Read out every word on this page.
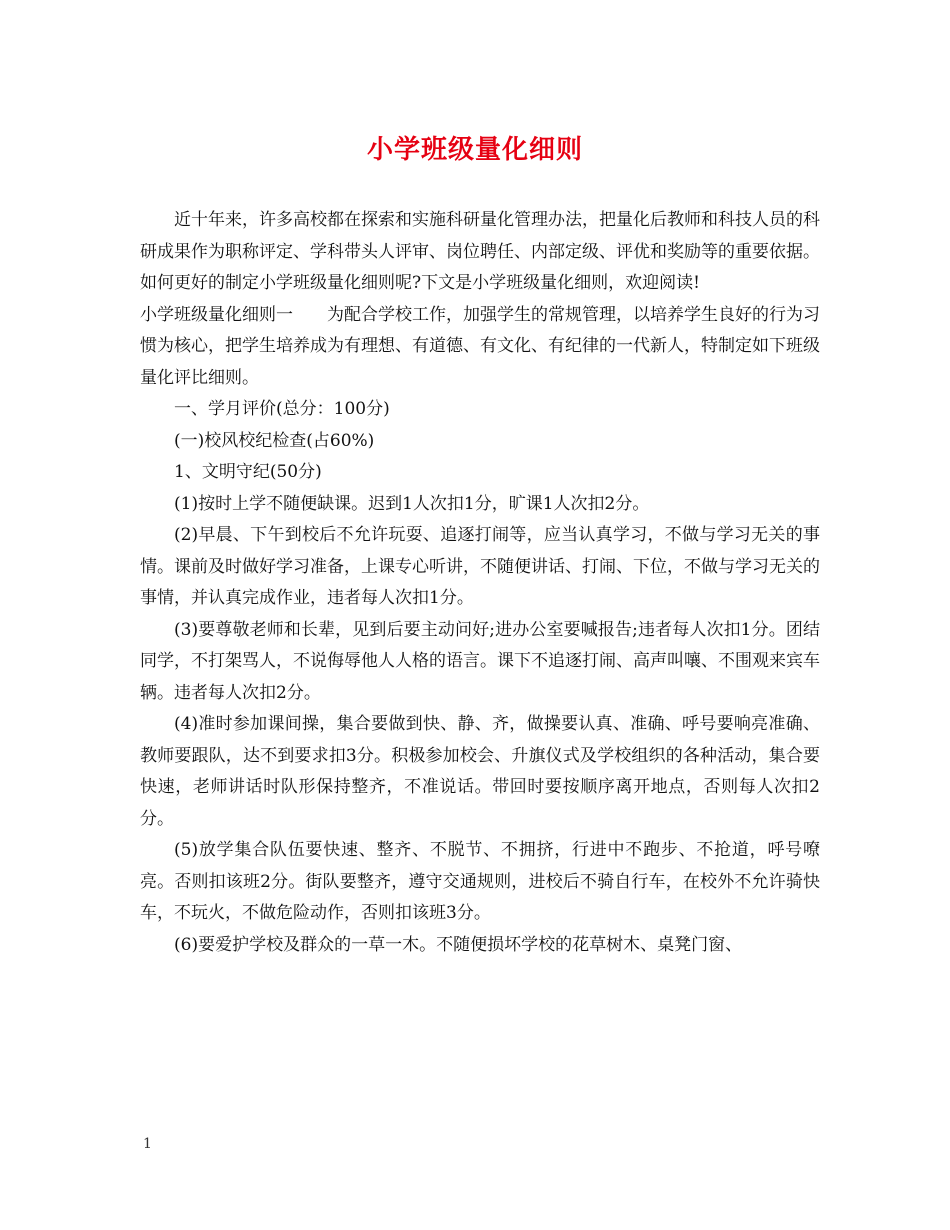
小学班级量化细则

近十年来，许多高校都在探索和实施科研量化管理办法，把量化后教师和科技人员的科研成果作为职称评定、学科带头人评审、岗位聘任、内部定级、评优和奖励等的重要依据。如何更好的制定小学班级量化细则呢?下文是小学班级量化细则，欢迎阅读!

小学班级量化细则一 为配合学校工作，加强学生的常规管理，以培养学生良好的行为习惯为核心，把学生培养成为有理想、有道德、有文化、有纪律的一代新人，特制定如下班级量化评比细则。

一、学月评价(总分：100分)

(一)校风校纪检查(占60%)

1、文明守纪(50分)

(1)按时上学不随便缺课。迟到1人次扣1分，旷课1人次扣2分。

(2)早晨、下午到校后不允许玩耍、追逐打闹等，应当认真学习，不做与学习无关的事情。课前及时做好学习准备，上课专心听讲，不随便讲话、打闹、下位，不做与学习无关的事情，并认真完成作业，违者每人次扣1分。

(3)要尊敬老师和长辈，见到后要主动问好;进办公室要喊报告;违者每人次扣1分。团结同学，不打架骂人，不说侮辱他人人格的语言。课下不追逐打闹、高声叫嚷、不围观来宾车辆。违者每人次扣2分。

(4)准时参加课间操，集合要做到快、静、齐，做操要认真、准确、呼号要响亮准确、教师要跟队，达不到要求扣3分。积极参加校会、升旗仪式及学校组织的各种活动，集合要快速，老师讲话时队形保持整齐，不准说话。带回时要按顺序离开地点，否则每人次扣2分。

(5)放学集合队伍要快速、整齐、不脱节、不拥挤，行进中不跑步、不抢道，呼号嘹亮。否则扣该班2分。街队要整齐，遵守交通规则，进校后不骑自行车，在校外不允许骑快车，不玩火，不做危险动作，否则扣该班3分。

(6)要爱护学校及群众的一草一木。不随便损坏学校的花草树木、桌凳门窗、

1
